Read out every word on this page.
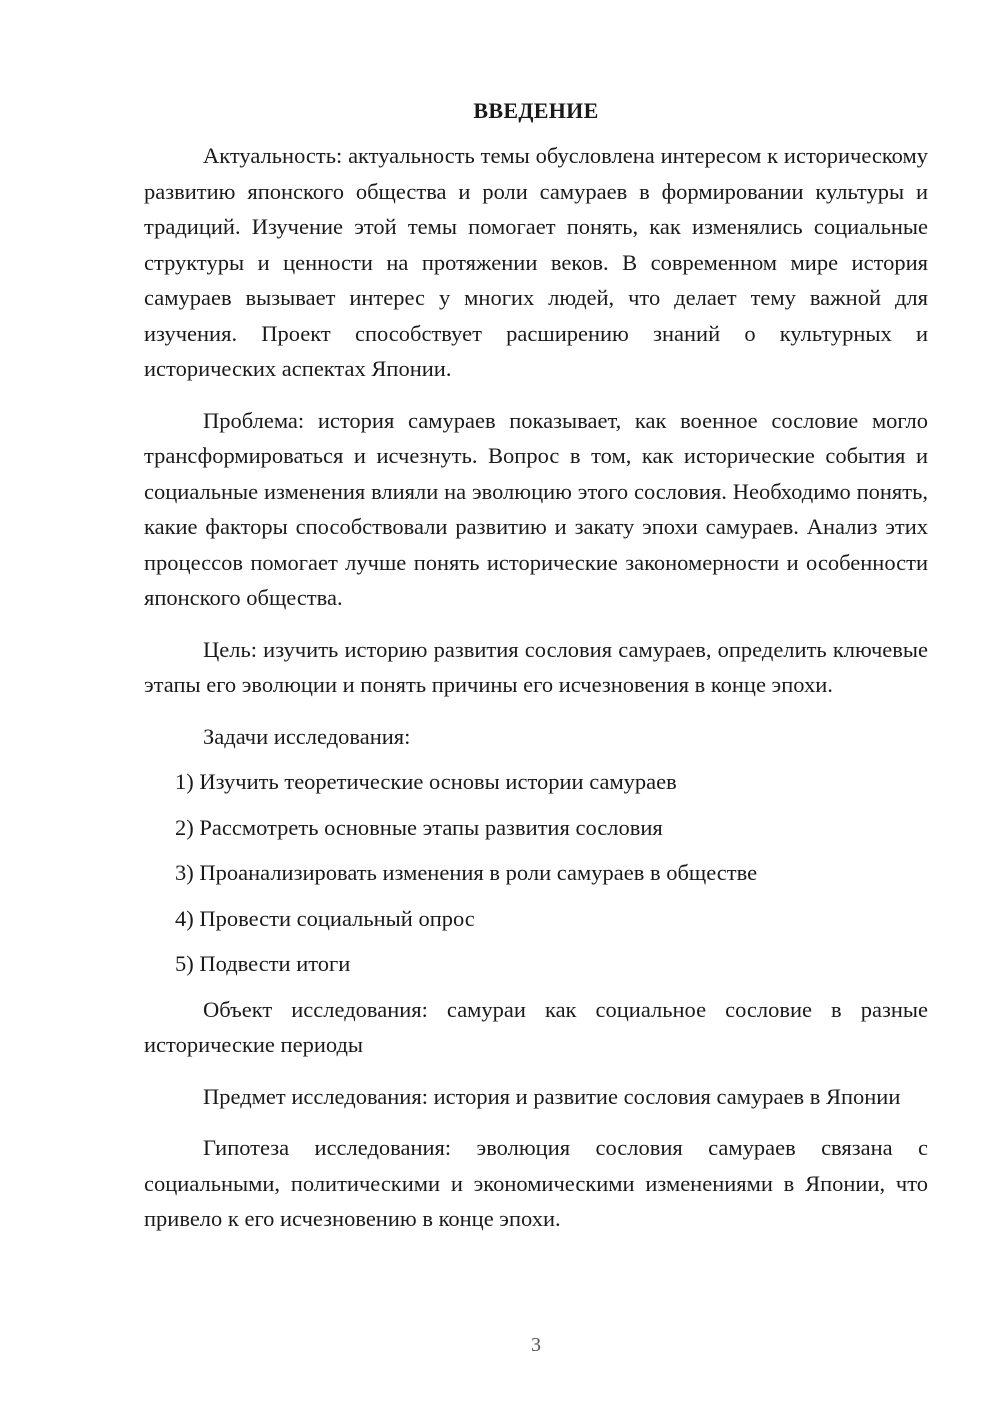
ВВЕДЕНИЕ

Актуальность: актуальность темы обусловлена интересом к историческому развитию японского общества и роли самураев в формировании культуры и традиций. Изучение этой темы помогает понять, как изменялись социальные структуры и ценности на протяжении веков. В современном мире история самураев вызывает интерес у многих людей, что делает тему важной для изучения. Проект способствует расширению знаний о культурных и исторических аспектах Японии.

Проблема: история самураев показывает, как военное сословие могло трансформироваться и исчезнуть. Вопрос в том, как исторические события и социальные изменения влияли на эволюцию этого сословия. Необходимо понять, какие факторы способствовали развитию и закату эпохи самураев. Анализ этих процессов помогает лучше понять исторические закономерности и особенности японского общества.

Цель: изучить историю развития сословия самураев, определить ключевые этапы его эволюции и понять причины его исчезновения в конце эпохи.

Задачи исследования:

1) Изучить теоретические основы истории самураев
2) Рассмотреть основные этапы развития сословия
3) Проанализировать изменения в роли самураев в обществе
4) Провести социальный опрос
5) Подвести итоги

Объект исследования: самураи как социальное сословие в разные исторические периоды

Предмет исследования: история и развитие сословия самураев в Японии

Гипотеза исследования: эволюция сословия самураев связана с социальными, политическими и экономическими изменениями в Японии, что привело к его исчезновению в конце эпохи.

3
